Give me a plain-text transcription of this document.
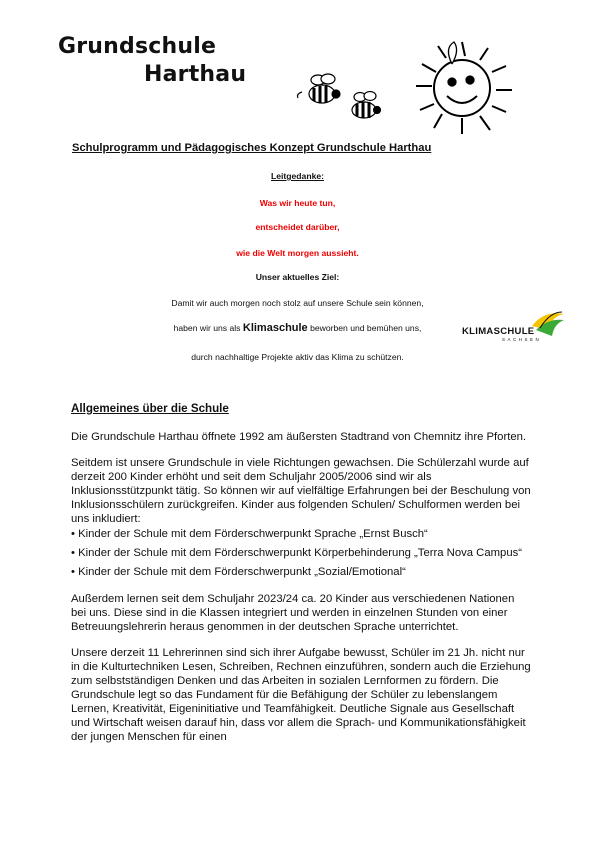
Grundschule
Harthau
Schulprogramm und Pädagogisches Konzept Grundschule Harthau
Leitgedanke:
Was wir heute tun,
entscheidet darüber,
wie die Welt morgen aussieht.
Unser aktuelles Ziel:
Damit wir auch morgen noch stolz auf unsere Schule sein können,
haben wir uns als Klimaschule beworben und bemühen uns,
durch nachhaltige Projekte aktiv das Klima zu schützen.
KLIMASCHULE
SACHSEN
Allgemeines über die Schule

Die Grundschule Harthau öffnete 1992 am äußersten Stadtrand von Chemnitz ihre Pforten.

Seitdem ist unsere Grundschule in viele Richtungen gewachsen. Die Schülerzahl wurde auf derzeit 200 Kinder erhöht und seit dem Schuljahr 2005/2006 sind wir als Inklusionsstützpunkt tätig. So können wir auf vielfältige Erfahrungen bei der Beschulung von Inklusionsschülern zurückgreifen. Kinder aus folgenden Schulen/ Schulformen werden bei uns inkludiert:

• Kinder der Schule mit dem Förderschwerpunkt Sprache „Ernst Busch“

• Kinder der Schule mit dem Förderschwerpunkt Körperbehinderung „Terra Nova Campus“

• Kinder der Schule mit dem Förderschwerpunkt „Sozial/Emotional“

Außerdem lernen seit dem Schuljahr 2023/24 ca. 20 Kinder aus verschiedenen Nationen bei uns. Diese sind in die Klassen integriert und werden in einzelnen Stunden von einer Betreuungslehrerin heraus genommen in der deutschen Sprache unterrichtet.

Unsere derzeit 11 Lehrerinnen sind sich ihrer Aufgabe bewusst, Schüler im 21 Jh. nicht nur in die Kulturtechniken Lesen, Schreiben, Rechnen einzuführen, sondern auch die Erziehung zum selbstständigen Denken und das Arbeiten in sozialen Lernformen zu fördern. Die Grundschule legt so das Fundament für die Befähigung der Schüler zu lebenslangem Lernen, Kreativität, Eigeninitiative und Teamfähigkeit. Deutliche Signale aus Gesellschaft und Wirtschaft weisen darauf hin, dass vor allem die Sprach- und Kommunikationsfähigkeit der jungen Menschen für einen
